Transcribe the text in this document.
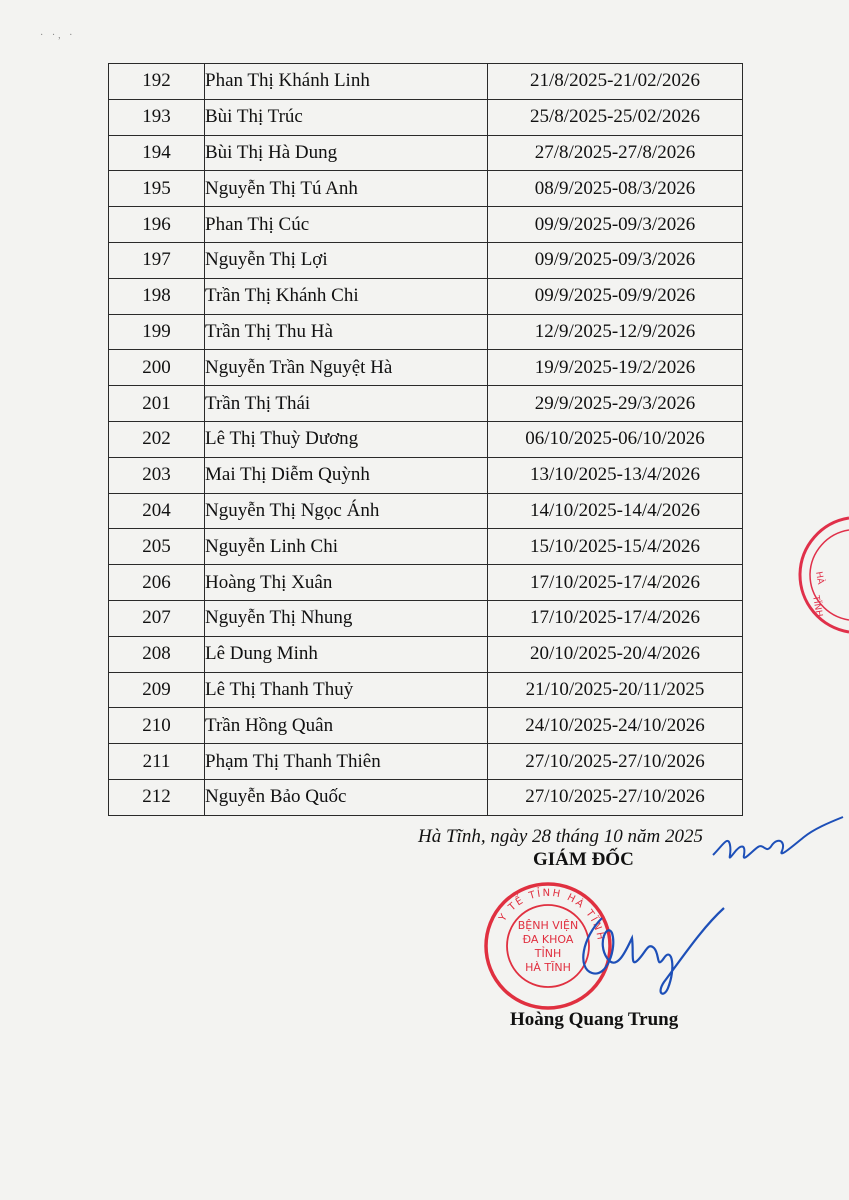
· ·, ·
192	Phan Thị Khánh Linh	21/8/2025-21/02/2026
193	Bùi Thị Trúc	25/8/2025-25/02/2026
194	Bùi Thị Hà Dung	27/8/2025-27/8/2026
195	Nguyễn Thị Tú Anh	08/9/2025-08/3/2026
196	Phan Thị Cúc	09/9/2025-09/3/2026
197	Nguyễn Thị Lợi	09/9/2025-09/3/2026
198	Trần Thị Khánh Chi	09/9/2025-09/9/2026
199	Trần Thị Thu Hà	12/9/2025-12/9/2026
200	Nguyễn Trần Nguyệt Hà	19/9/2025-19/2/2026
201	Trần Thị Thái	29/9/2025-29/3/2026
202	Lê Thị Thuỳ Dương	06/10/2025-06/10/2026
203	Mai Thị Diễm Quỳnh	13/10/2025-13/4/2026
204	Nguyễn Thị Ngọc Ánh	14/10/2025-14/4/2026
205	Nguyễn Linh Chi	15/10/2025-15/4/2026
206	Hoàng Thị Xuân	17/10/2025-17/4/2026
207	Nguyễn Thị Nhung	17/10/2025-17/4/2026
208	Lê Dung Minh	20/10/2025-20/4/2026
209	Lê Thị Thanh Thuỷ	21/10/2025-20/11/2025
210	Trần Hồng Quân	24/10/2025-24/10/2026
211	Phạm Thị Thanh Thiên	27/10/2025-27/10/2026
212	Nguyễn Bảo Quốc	27/10/2025-27/10/2026
HÀ
TĨNH
Hà Tĩnh, ngày 28 tháng 10 năm 2025
GIÁM ĐỐC
Y TẾ TỈNH HÀ TĨNH
BỆNH VIỆN ĐA KHOA TỈNH HÀ TĨNH
Hoàng Quang Trung
